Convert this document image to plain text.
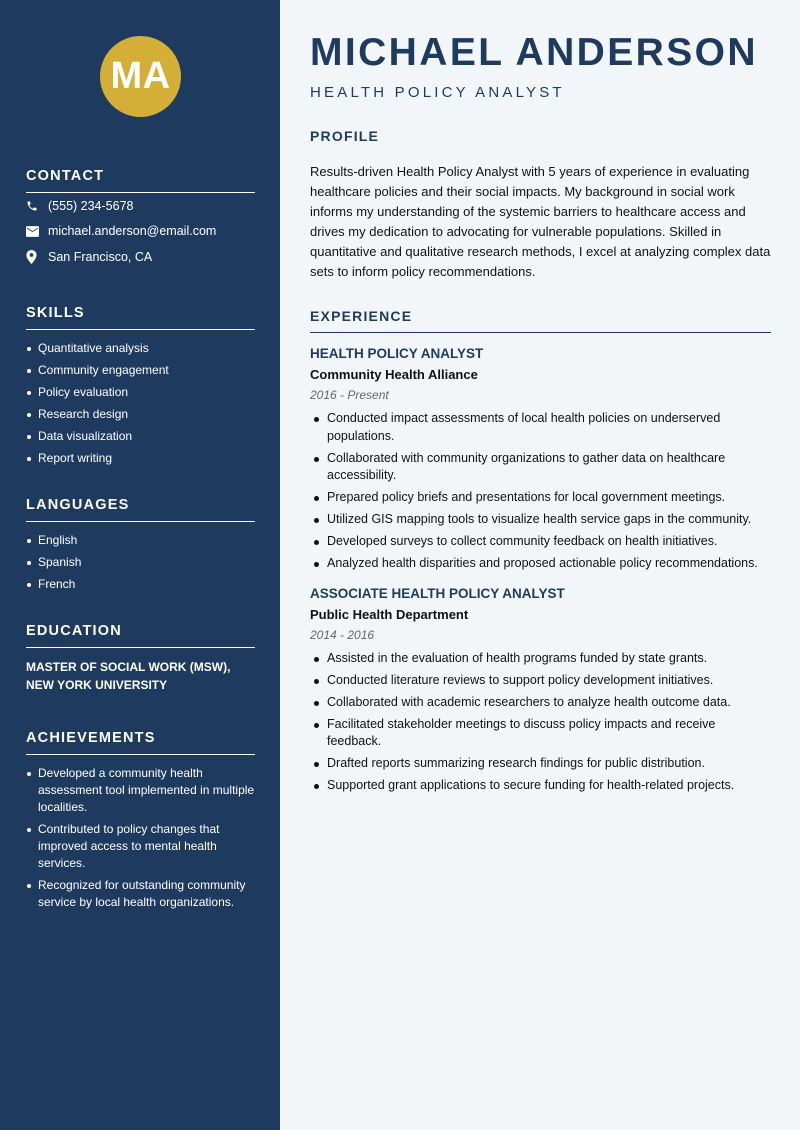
MA
CONTACT
(555) 234-5678
michael.anderson@email.com
San Francisco, CA
SKILLS
Quantitative analysis
Community engagement
Policy evaluation
Research design
Data visualization
Report writing
LANGUAGES
English
Spanish
French
EDUCATION
MASTER OF SOCIAL WORK (MSW), NEW YORK UNIVERSITY
ACHIEVEMENTS
Developed a community health assessment tool implemented in multiple localities.
Contributed to policy changes that improved access to mental health services.
Recognized for outstanding community service by local health organizations.
MICHAEL ANDERSON
HEALTH POLICY ANALYST
PROFILE

Results-driven Health Policy Analyst with 5 years of experience in evaluating healthcare policies and their social impacts. My background in social work informs my understanding of the systemic barriers to healthcare access and drives my dedication to advocating for vulnerable populations. Skilled in quantitative and qualitative research methods, I excel at analyzing complex data sets to inform policy recommendations.

EXPERIENCE
HEALTH POLICY ANALYST
Community Health Alliance
2016 - Present
Conducted impact assessments of local health policies on underserved populations.
Collaborated with community organizations to gather data on healthcare accessibility.
Prepared policy briefs and presentations for local government meetings.
Utilized GIS mapping tools to visualize health service gaps in the community.
Developed surveys to collect community feedback on health initiatives.
Analyzed health disparities and proposed actionable policy recommendations.
ASSOCIATE HEALTH POLICY ANALYST
Public Health Department
2014 - 2016
Assisted in the evaluation of health programs funded by state grants.
Conducted literature reviews to support policy development initiatives.
Collaborated with academic researchers to analyze health outcome data.
Facilitated stakeholder meetings to discuss policy impacts and receive feedback.
Drafted reports summarizing research findings for public distribution.
Supported grant applications to secure funding for health-related projects.
